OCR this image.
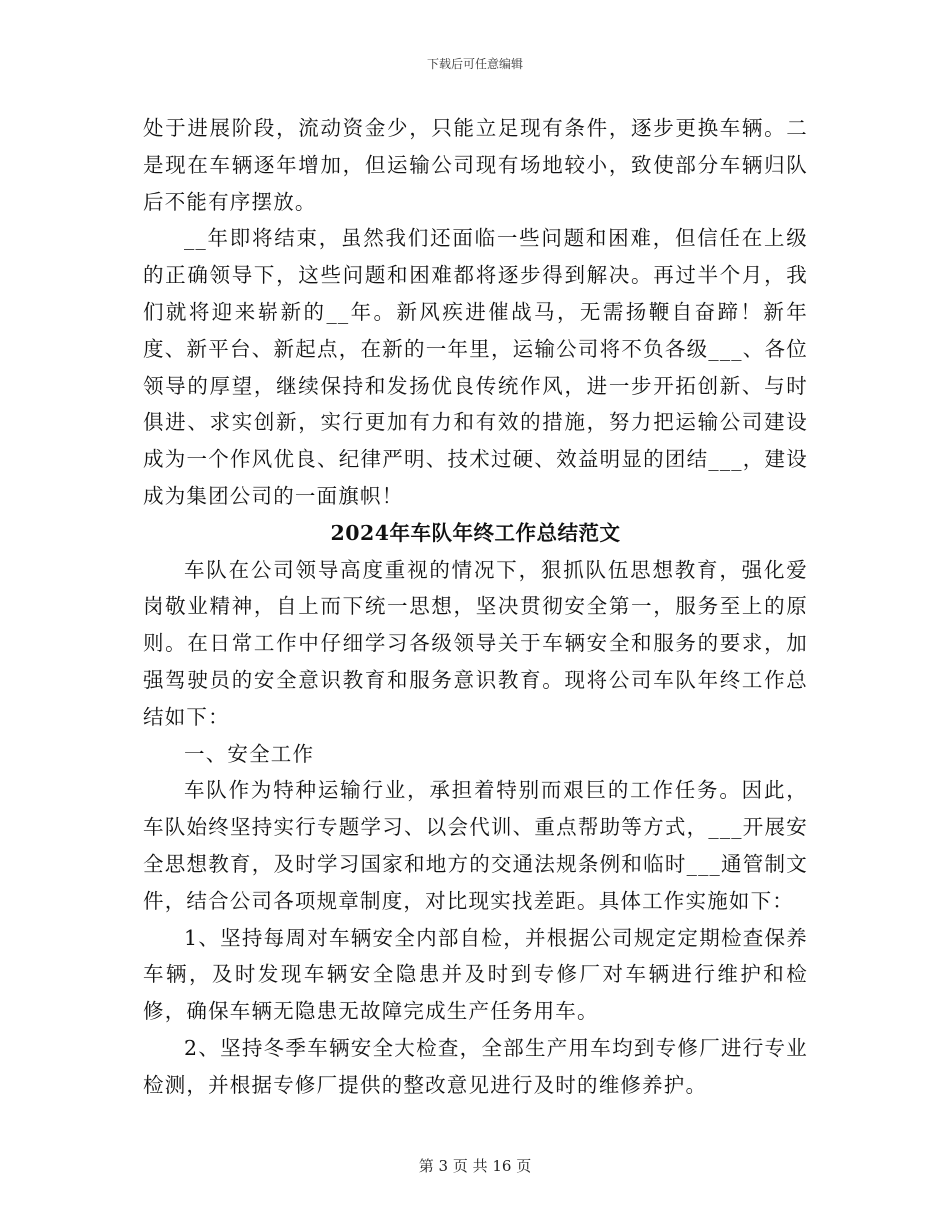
下载后可任意编辑

处于进展阶段，流动资金少，只能立足现有条件，逐步更换车辆。二是现在车辆逐年增加，但运输公司现有场地较小，致使部分车辆归队后不能有序摆放。

__年即将结束，虽然我们还面临一些问题和困难，但信任在上级的正确领导下，这些问题和困难都将逐步得到解决。再过半个月，我们就将迎来崭新的__年。新风疾进催战马，无需扬鞭自奋蹄！新年度、新平台、新起点，在新的一年里，运输公司将不负各级___、各位领导的厚望，继续保持和发扬优良传统作风，进一步开拓创新、与时俱进、求实创新，实行更加有力和有效的措施，努力把运输公司建设成为一个作风优良、纪律严明、技术过硬、效益明显的团结___，建设成为集团公司的一面旗帜！

2024年车队年终工作总结范文

车队在公司领导高度重视的情况下，狠抓队伍思想教育，强化爱岗敬业精神，自上而下统一思想，坚决贯彻安全第一，服务至上的原则。在日常工作中仔细学习各级领导关于车辆安全和服务的要求，加强驾驶员的安全意识教育和服务意识教育。现将公司车队年终工作总结如下：

一、安全工作

车队作为特种运输行业，承担着特别而艰巨的工作任务。因此，车队始终坚持实行专题学习、以会代训、重点帮助等方式，___开展安全思想教育，及时学习国家和地方的交通法规条例和临时___通管制文件，结合公司各项规章制度，对比现实找差距。具体工作实施如下：

1、坚持每周对车辆安全内部自检，并根据公司规定定期检查保养车辆，及时发现车辆安全隐患并及时到专修厂对车辆进行维护和检修，确保车辆无隐患无故障完成生产任务用车。

2、坚持冬季车辆安全大检查，全部生产用车均到专修厂进行专业检测，并根据专修厂提供的整改意见进行及时的维修养护。

第 3 页 共 16 页
